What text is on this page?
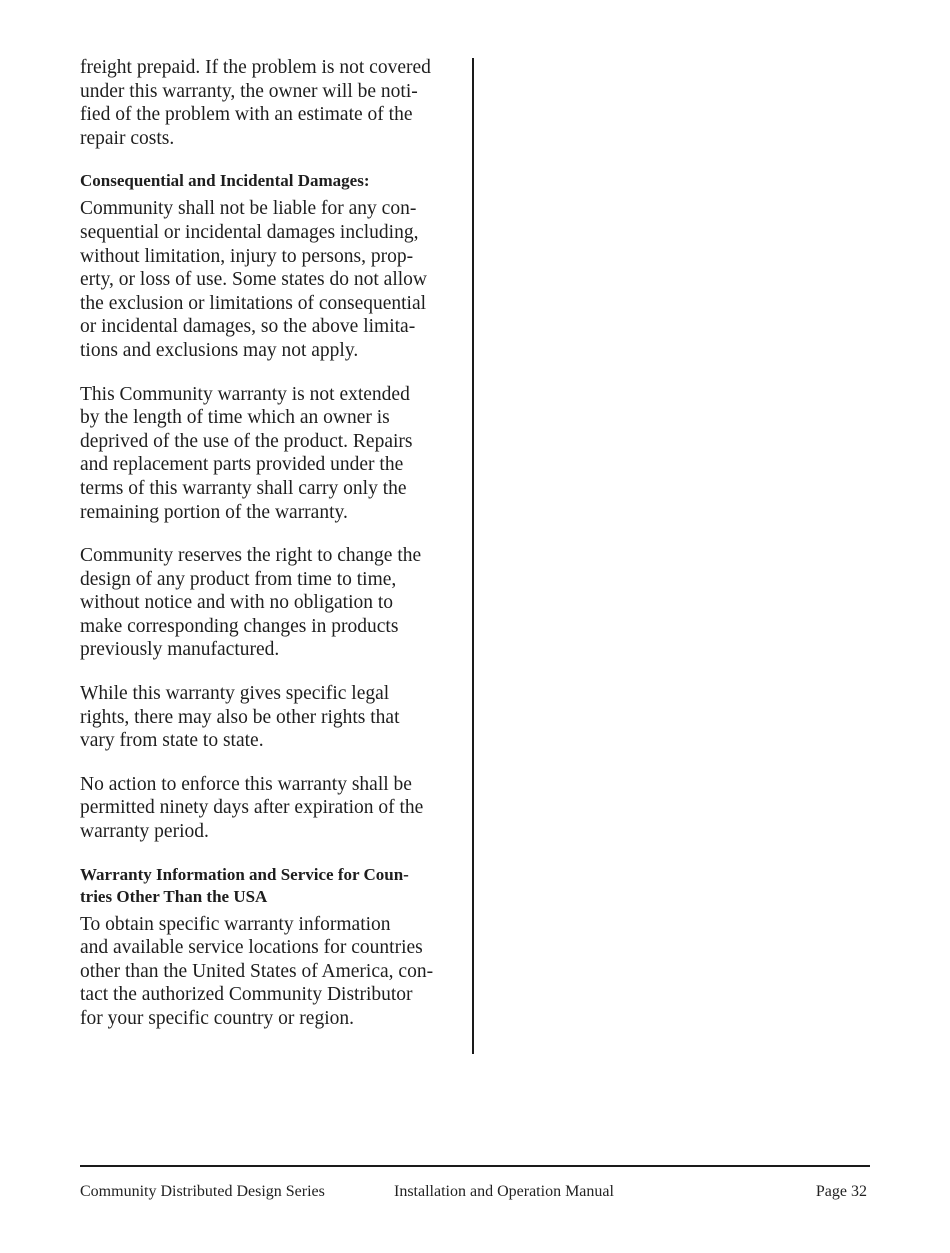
freight prepaid. If the problem is not covered
under this warranty, the owner will be noti-
fied of the problem with an estimate of the
repair costs.

Consequential and Incidental Damages:

Community shall not be liable for any con-
sequential or incidental damages including,
without limitation, injury to persons, prop-
erty, or loss of use. Some states do not allow
the exclusion or limitations of consequential
or incidental damages, so the above limita-
tions and exclusions may not apply.

This Community warranty is not extended
by the length of time which an owner is
deprived of the use of the product. Repairs
and replacement parts provided under the
terms of this warranty shall carry only the
remaining portion of the warranty.

Community reserves the right to change the
design of any product from time to time,
without notice and with no obligation to
make corresponding changes in products
previously manufactured.

While this warranty gives specific legal
rights, there may also be other rights that
vary from state to state.

No action to enforce this warranty shall be
permitted ninety days after expiration of the
warranty period.

Warranty Information and Service for Coun-
tries Other Than the USA

To obtain specific warranty information
and available service locations for countries
other than the United States of America, con-
tact the authorized Community Distributor
for your specific country or region.

Community Distributed Design Series	Installation and Operation Manual	Page 32
